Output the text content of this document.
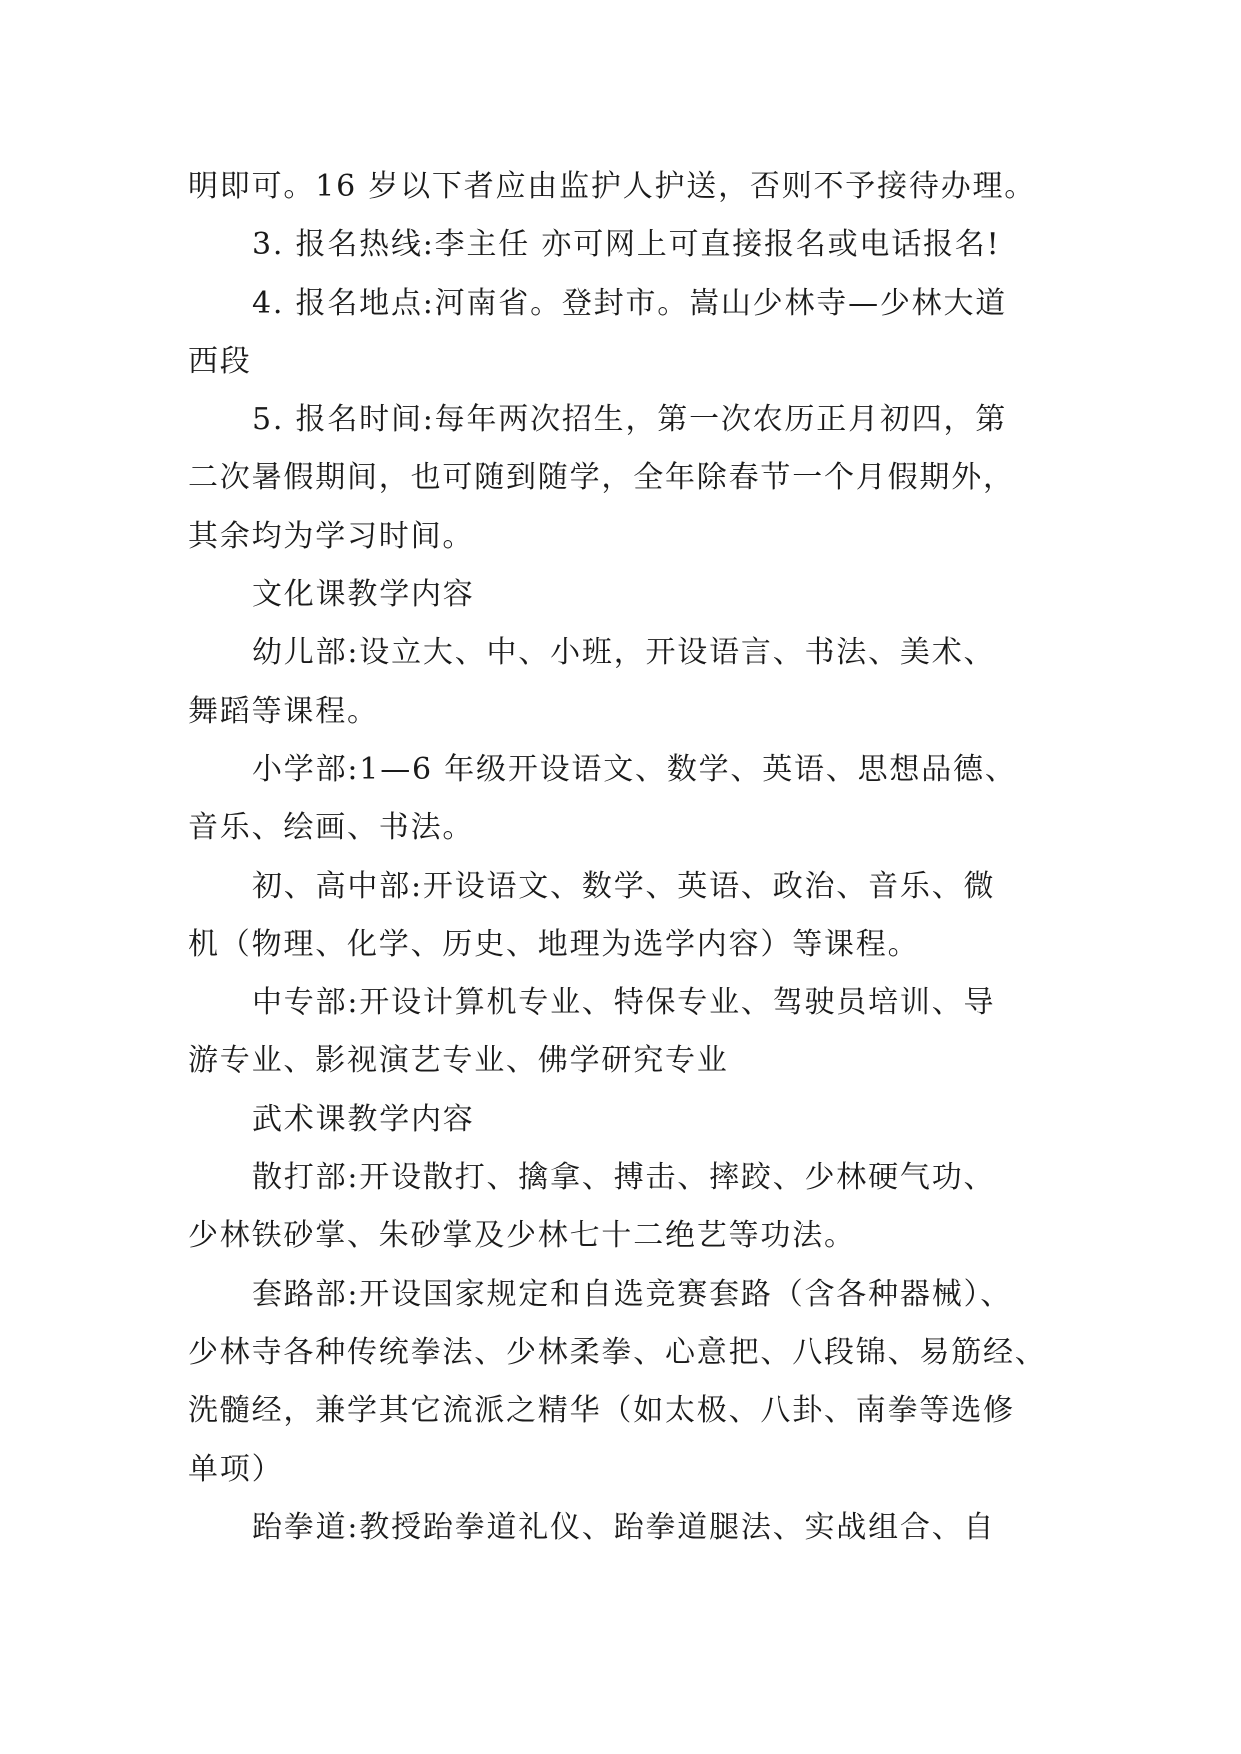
明即可。16 岁以下者应由监护人护送，否则不予接待办理。
3. 报名热线:李主任 亦可网上可直接报名或电话报名!
4. 报名地点:河南省。登封市。嵩山少林寺—少林大道
西段
5. 报名时间:每年两次招生，第一次农历正月初四，第
二次暑假期间，也可随到随学，全年除春节一个月假期外，
其余均为学习时间。
文化课教学内容
幼儿部:设立大、中、小班，开设语言、书法、美术、
舞蹈等课程。
小学部:1—6 年级开设语文、数学、英语、思想品德、
音乐、绘画、书法。
初、高中部:开设语文、数学、英语、政治、音乐、微
机（物理、化学、历史、地理为选学内容）等课程。
中专部:开设计算机专业、特保专业、驾驶员培训、导
游专业、影视演艺专业、佛学研究专业
武术课教学内容
散打部:开设散打、擒拿、搏击、摔跤、少林硬气功、
少林铁砂掌、朱砂掌及少林七十二绝艺等功法。
套路部:开设国家规定和自选竞赛套路（含各种器械）、
少林寺各种传统拳法、少林柔拳、心意把、八段锦、易筋经、
洗髓经，兼学其它流派之精华（如太极、八卦、南拳等选修
单项）
跆拳道:教授跆拳道礼仪、跆拳道腿法、实战组合、自
